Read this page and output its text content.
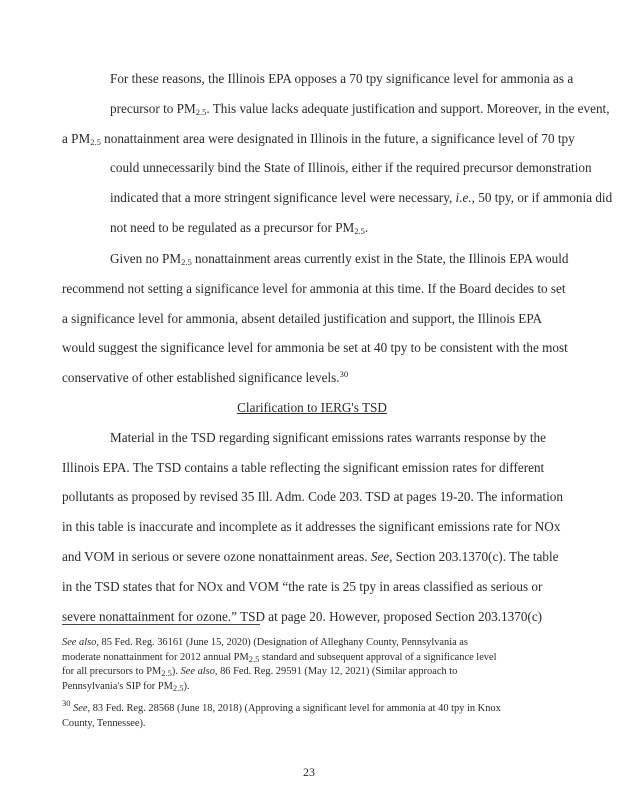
For these reasons, the Illinois EPA opposes a 70 tpy significance level for ammonia as a
precursor to $PM_{2.5}$. This value lacks adequate justification and support. Moreover, in the event,
a $PM_{2.5}$ nonattainment area were designated in Illinois in the future, a significance level of 70 tpy
could unnecessarily bind the State of Illinois, either if the required precursor demonstration
indicated that a more stringent significance level were necessary, i.e., 50 tpy, or if ammonia did
not need to be regulated as a precursor for $PM_{2.5}$.

Given no $PM_{2.5}$ nonattainment areas currently exist in the State, the Illinois EPA would
recommend not setting a significance level for ammonia at this time. If the Board decides to set
a significance level for ammonia, absent detailed justification and support, the Illinois EPA
would suggest the significance level for ammonia be set at 40 tpy to be consistent with the most
conservative of other established significance levels.$^{30}$

Clarification to IERG's TSD

Material in the TSD regarding significant emissions rates warrants response by the
Illinois EPA. The TSD contains a table reflecting the significant emission rates for different
pollutants as proposed by revised 35 Ill. Adm. Code 203. TSD at pages 19-20. The information
in this table is inaccurate and incomplete as it addresses the significant emissions rate for NOx
and VOM in serious or severe ozone nonattainment areas. See, Section 203.1370(c). The table
in the TSD states that for NOx and VOM “the rate is 25 tpy in areas classified as serious or
severe nonattainment for ozone.” TSD at page 20. However, proposed Section 203.1370(c)

See also, 85 Fed. Reg. 36161 (June 15, 2020) (Designation of Alleghany County, Pennsylvania as
moderate nonattainment for 2012 annual $PM_{2.5}$ standard and subsequent approval of a significance level
for all precursors to $PM_{2.5}$). See also, 86 Fed. Reg. 29591 (May 12, 2021) (Similar approach to
Pennsylvania's SIP for $PM_{2.5}$).

$^{30}$ See, 83 Fed. Reg. 28568 (June 18, 2018) (Approving a significant level for ammonia at 40 tpy in Knox
County, Tennessee).

23
